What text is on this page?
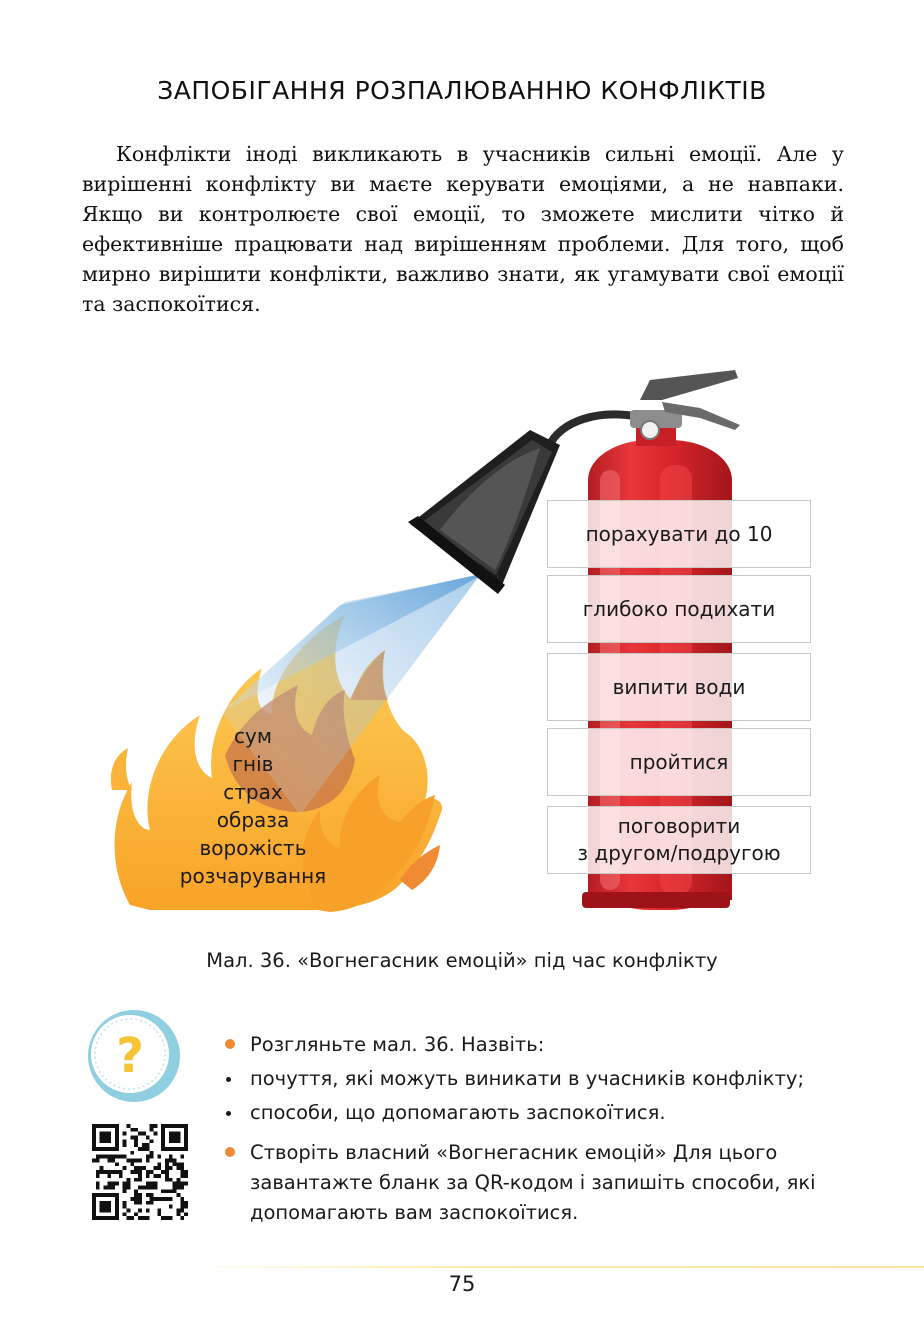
ЗАПОБІГАННЯ РОЗПАЛЮВАННЮ КОНФЛІКТІВ

Конфлікти іноді викликають в учасників сильні емоції. Але у вирішенні конфлікту ви маєте керувати емоціями, а не навпаки. Якщо ви контролюєте свої емоції, то зможете мислити чітко й ефективніше працювати над вирішенням проблеми. Для того, щоб мирно вирішити конфлікти, важливо знати, як угамувати свої емоції та заспокоїтися.

порахувати до 10
глибоко подихати
випити води
пройтися
поговорити
з другом/подругою
сум
гнів
страх
образа
ворожість
розчарування
Мал. 36. «Вогнегасник емоцій» під час конфлікту
?	Розгляньте мал. 36. Назвіть:
почуття, які можуть виникати в учасників конфлікту;
способи, що допомагають заспокоїтися.
Створіть власний «Вогнегасник емоцій» Для цього завантажте бланк за QR-кодом і запишіть способи, які допомагають вам заспокоїтися.
75
